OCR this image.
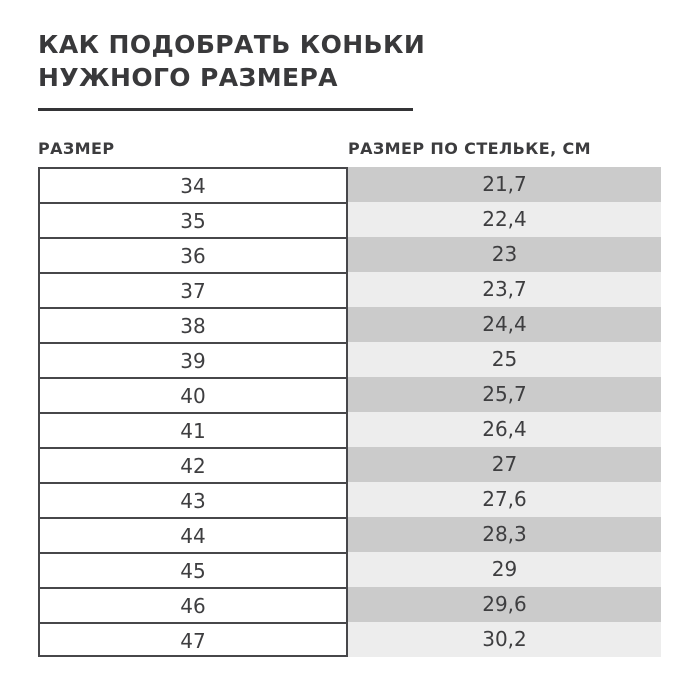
КАК ПОДОБРАТЬ КОНЬКИ
НУЖНОГО РАЗМЕРА
РАЗМЕР	РАЗМЕР ПО СТЕЛЬКЕ, СМ
34	21,7
35	22,4
36	23
37	23,7
38	24,4
39	25
40	25,7
41	26,4
42	27
43	27,6
44	28,3
45	29
46	29,6
47	30,2
